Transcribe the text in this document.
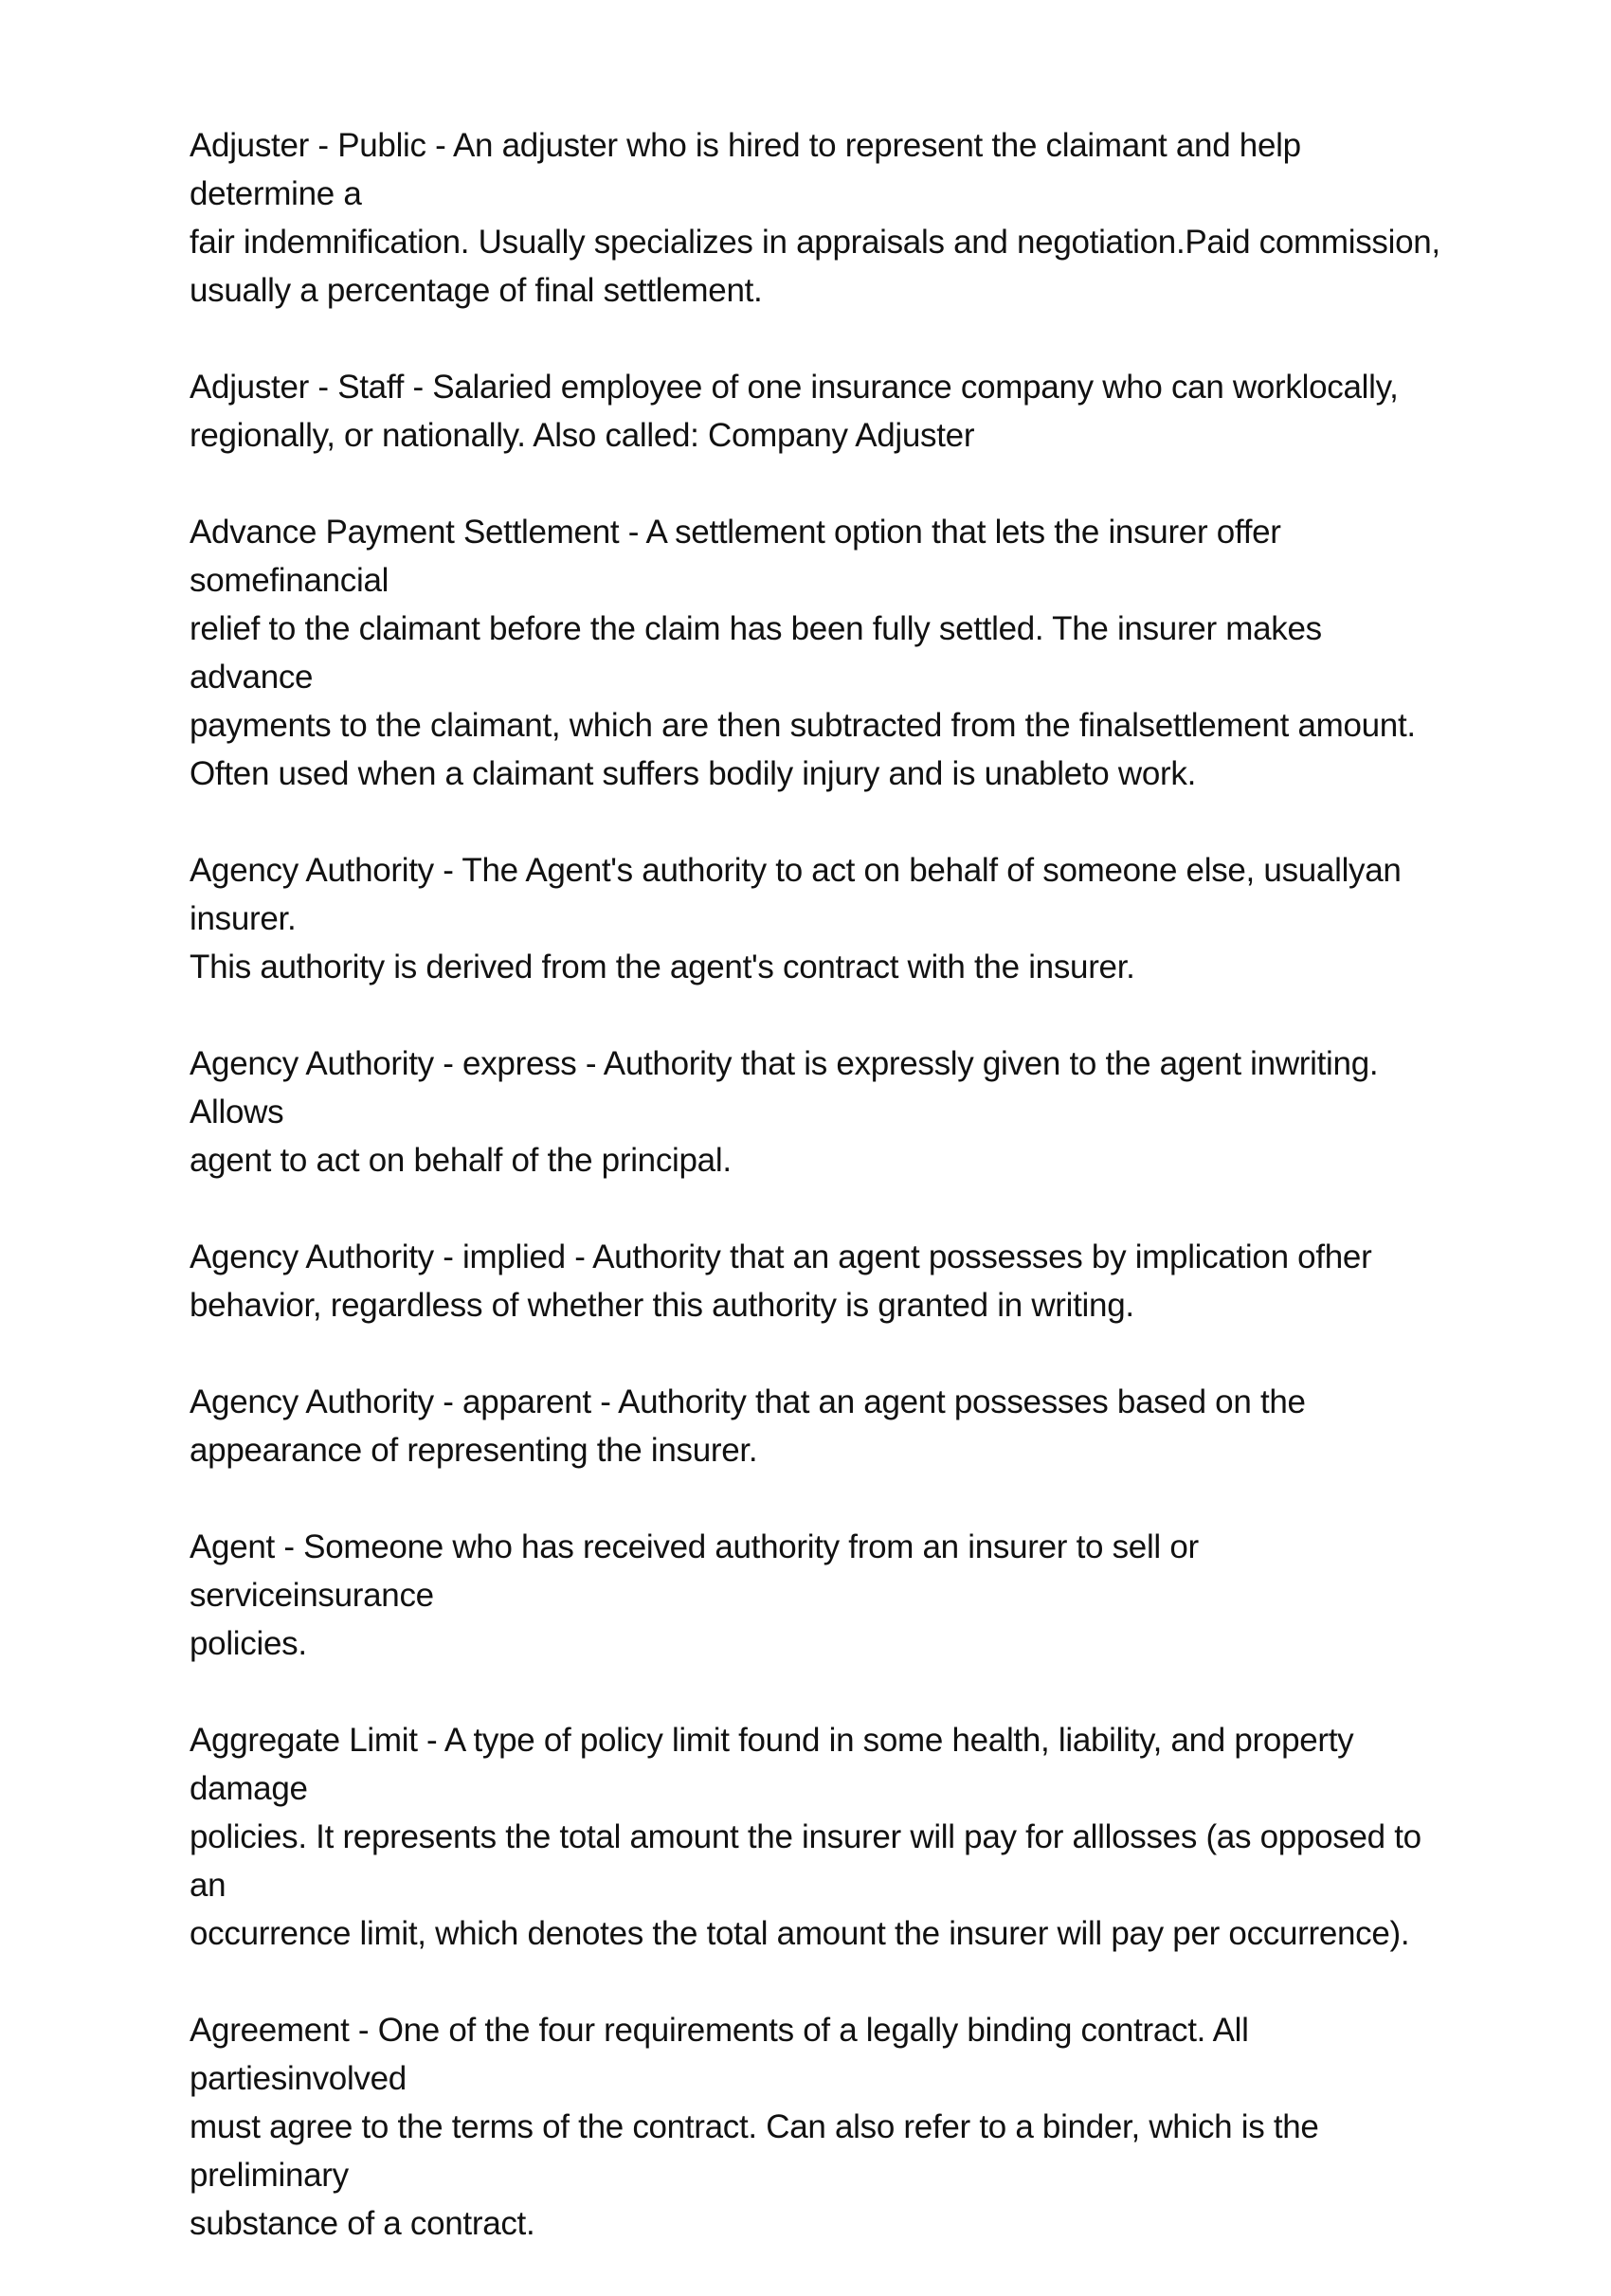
Adjuster - Public - An adjuster who is hired to represent the claimant and help determine a
fair indemnification. Usually specializes in appraisals and negotiation.Paid commission,
usually a percentage of final settlement.

Adjuster - Staff - Salaried employee of one insurance company who can worklocally,
regionally, or nationally. Also called: Company Adjuster

Advance Payment Settlement - A settlement option that lets the insurer offer somefinancial
relief to the claimant before the claim has been fully settled. The insurer makes advance
payments to the claimant, which are then subtracted from the finalsettlement amount.
Often used when a claimant suffers bodily injury and is unableto work.

Agency Authority - The Agent's authority to act on behalf of someone else, usuallyan insurer.
This authority is derived from the agent's contract with the insurer.

Agency Authority - express - Authority that is expressly given to the agent inwriting. Allows
agent to act on behalf of the principal.

Agency Authority - implied - Authority that an agent possesses by implication ofher
behavior, regardless of whether this authority is granted in writing.

Agency Authority - apparent - Authority that an agent possesses based on the
appearance of representing the insurer.

Agent - Someone who has received authority from an insurer to sell or serviceinsurance
policies.

Aggregate Limit - A type of policy limit found in some health, liability, and property damage
policies. It represents the total amount the insurer will pay for alllosses (as opposed to an
occurrence limit, which denotes the total amount the insurer will pay per occurrence).

Agreement - One of the four requirements of a legally binding contract. All partiesinvolved
must agree to the terms of the contract. Can also refer to a binder, which is the preliminary
substance of a contract.
